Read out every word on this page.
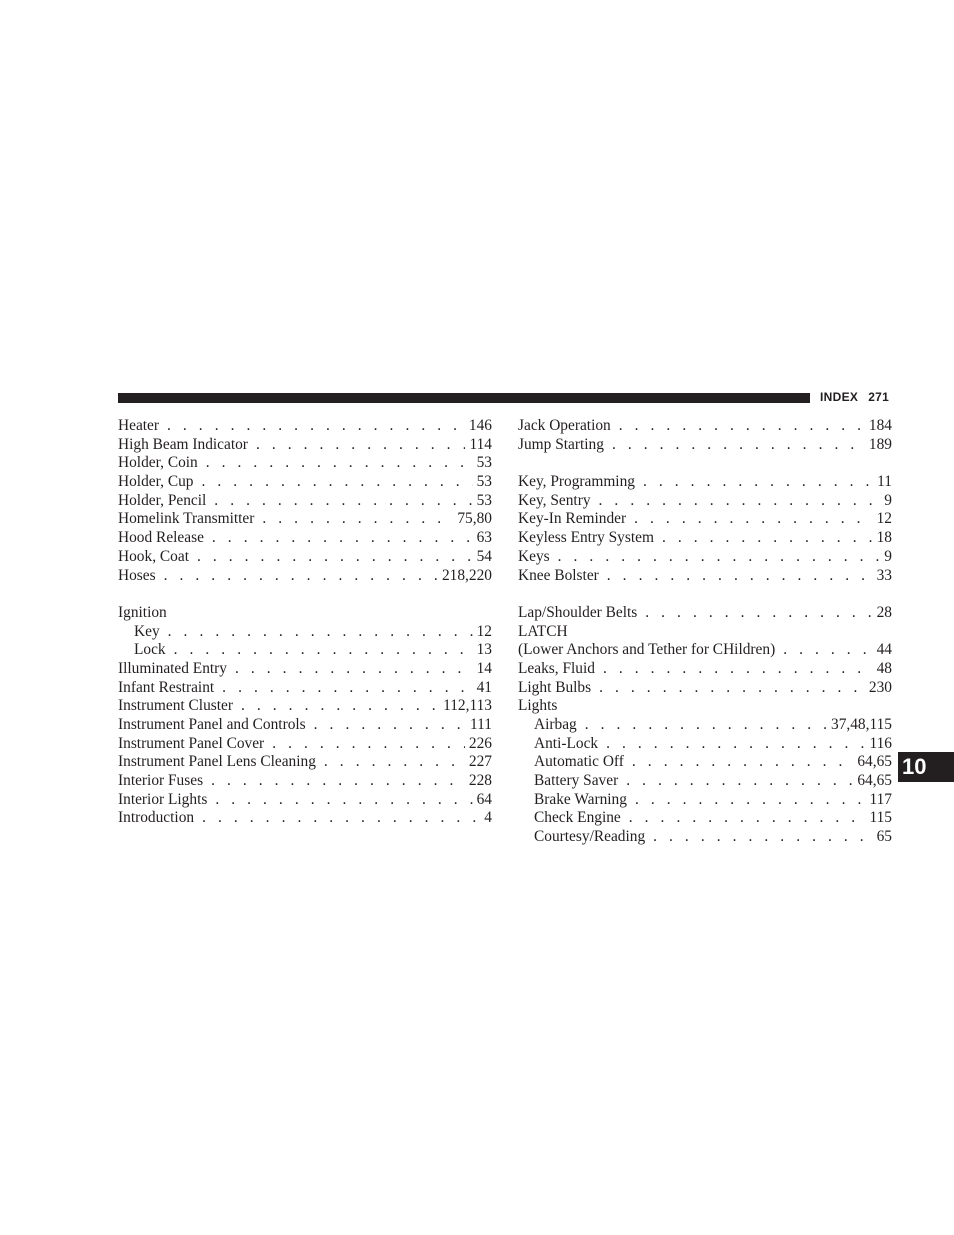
INDEX 271
Heater . . .	146
High Beam Indicator . . .	114
Holder, Coin . . .	53
Holder, Cup . . .	53
Holder, Pencil . . .	53
Homelink Transmitter . . .	75,80
Hood Release . . .	63
Hook, Coat . . .	54
Hoses . . .	218,220
Ignition
Key . . .	12
Lock . . .	13
Illuminated Entry . . .	14
Infant Restraint . . .	41
Instrument Cluster . . .	112,113
Instrument Panel and Controls . . .	111
Instrument Panel Cover . . .	226
Instrument Panel Lens Cleaning . . .	227
Interior Fuses . . .	228
Interior Lights . . .	64
Introduction . . .	4
Jack Operation . . .	184
Jump Starting . . .	189
Key, Programming . . .	11
Key, Sentry . . .	9
Key-In Reminder . . .	12
Keyless Entry System . . .	18
Keys . . .	9
Knee Bolster . . .	33
Lap/Shoulder Belts . . .	28
LATCH
(Lower Anchors and Tether for CHildren) . . .	44
Leaks, Fluid . . .	48
Light Bulbs . . .	230
Lights
Airbag . . .	37,48,115
Anti-Lock . . .	116
Automatic Off . . .	64,65
Battery Saver . . .	64,65
Brake Warning . . .	117
Check Engine . . .	115
Courtesy/Reading . . .	65
10
